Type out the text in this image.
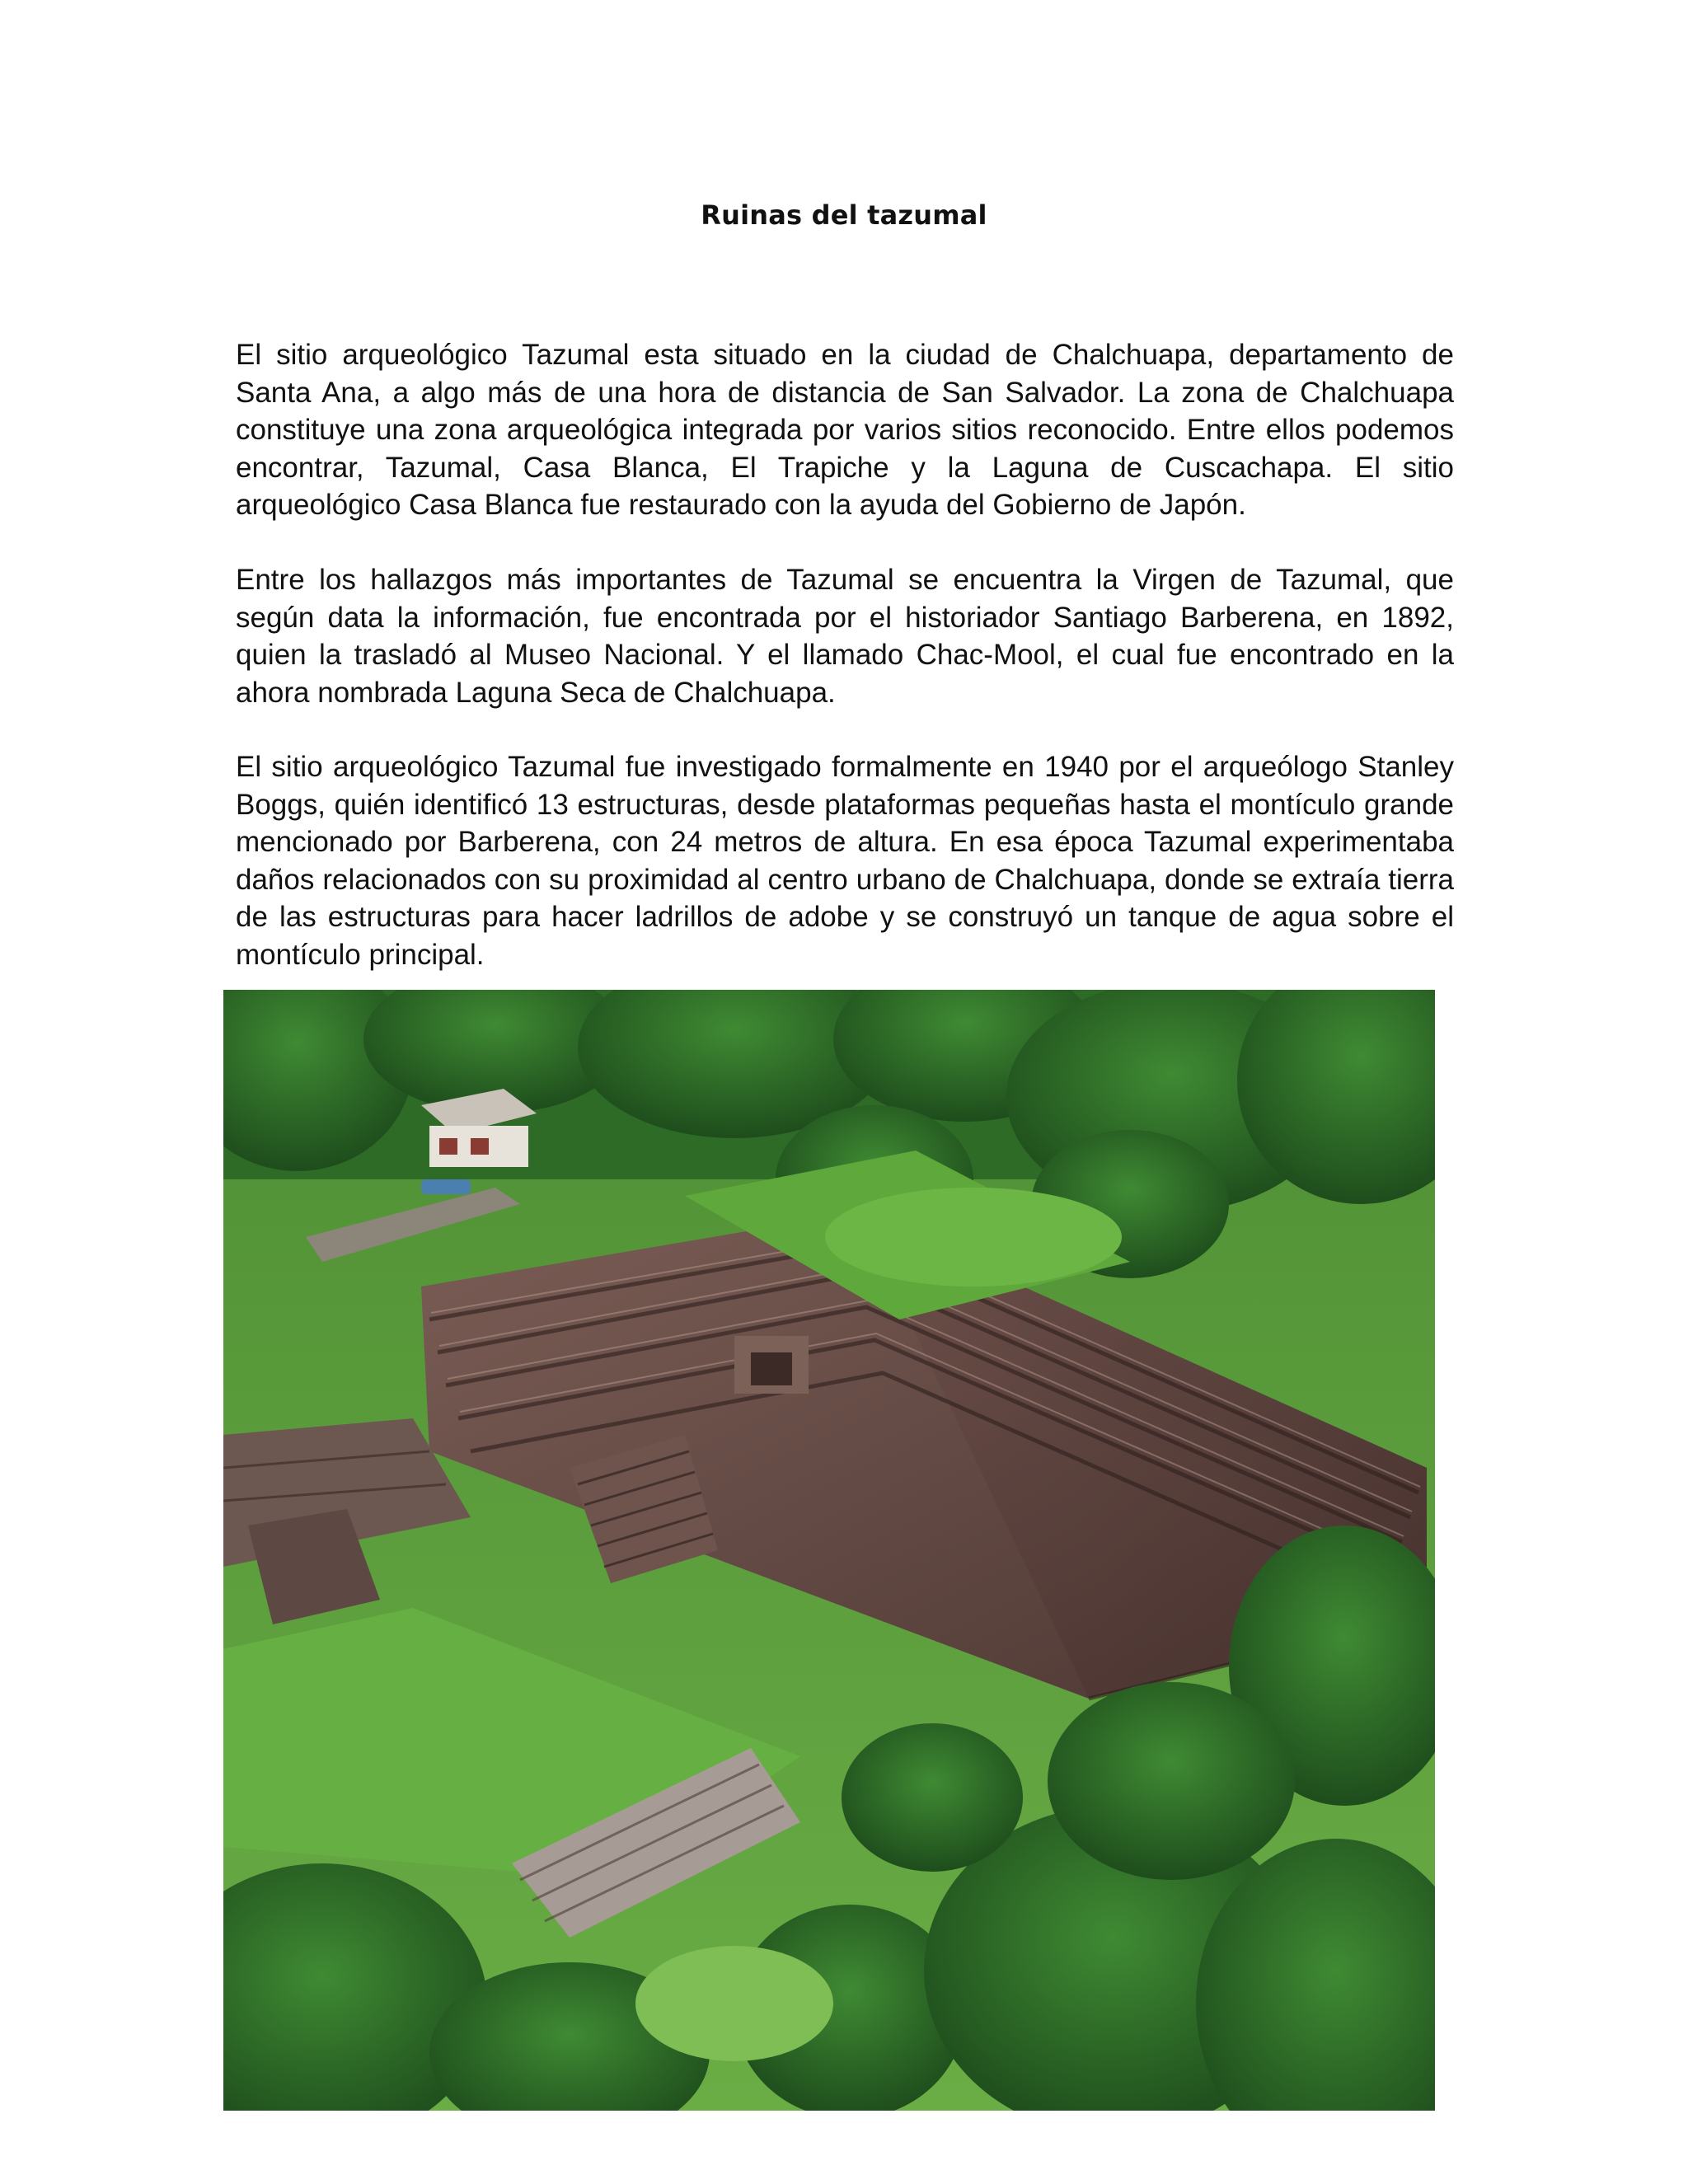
Ruinas del tazumal

El sitio arqueológico Tazumal esta situado en la ciudad de Chalchuapa, departamento de Santa Ana, a algo más de una hora de distancia de San Salvador. La zona de Chalchuapa constituye una zona arqueológica integrada por varios sitios reconocido. Entre ellos podemos encontrar, Tazumal, Casa Blanca, El Trapiche y la Laguna de Cuscachapa. El sitio arqueológico Casa Blanca fue restaurado con la ayuda del Gobierno de Japón.

Entre los hallazgos más importantes de Tazumal se encuentra la Virgen de Tazumal, que según data la información, fue encontrada por el historiador Santiago Barberena, en 1892, quien la trasladó al Museo Nacional. Y el llamado Chac-Mool, el cual fue encontrado en la ahora nombrada Laguna Seca de Chalchuapa.

El sitio arqueológico Tazumal fue investigado formalmente en 1940 por el arqueólogo Stanley Boggs, quién identificó 13 estructuras, desde plataformas pequeñas hasta el montículo grande mencionado por Barberena, con 24 metros de altura. En esa época Tazumal experimentaba daños relacionados con su proximidad al centro urbano de Chalchuapa, donde se extraía tierra de las estructuras para hacer ladrillos de adobe y se construyó un tanque de agua sobre el montículo principal.
